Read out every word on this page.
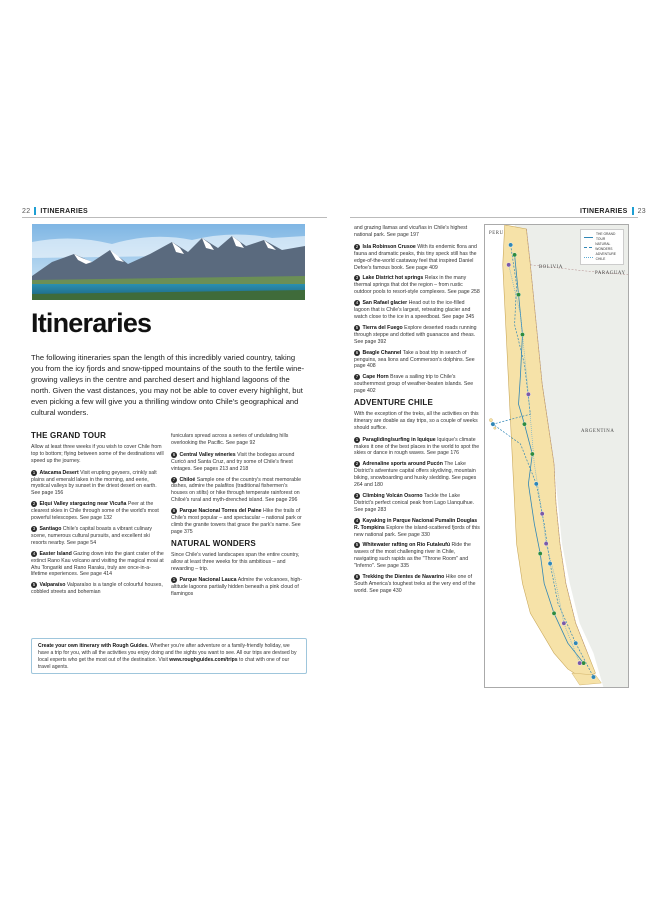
22 ITINERARIES
Itineraries
The following itineraries span the length of this incredibly varied country, taking you from the icy fjords and snow-tipped mountains of the south to the fertile wine-growing valleys in the centre and parched desert and highland lagoons of the north. Given the vast distances, you may not be able to cover every highlight, but even picking a few will give you a thrilling window onto Chile's geographical and cultural wonders.
THE GRAND TOUR
Allow at least three weeks if you wish to cover Chile from top to bottom; flying between some of the destinations will speed up the journey.
1 Atacama Desert Visit erupting geysers, crinkly salt plains and emerald lakes in the morning, and eerie, mystical valleys by sunset in the driest desert on earth. See page 156
2 Elqui Valley stargazing near Vicuña Peer at the clearest skies in Chile through some of the world's most powerful telescopes. See page 132
3 Santiago Chile's capital boasts a vibrant culinary scene, numerous cultural pursuits, and excellent ski resorts nearby. See page 54
4 Easter Island Gazing down into the giant crater of the extinct Rano Kau volcano and visiting the magical moai at Ahu Tongariki and Rano Raraku, truly are once-in-a-lifetime experiences. See page 414
5 Valparaíso Valparaíso is a tangle of colourful houses, cobbled streets and bohemian
funiculars spread across a series of undulating hills overlooking the Pacific. See page 92
6 Central Valley wineries Visit the bodegas around Curicó and Santa Cruz, and try some of Chile's finest vintages. See pages 213 and 218
7 Chiloé Sample one of the country's most memorable dishes, admire the palafitos (traditional fishermen's houses on stilts) or hike through temperate rainforest on Chiloé's rural and myth-drenched island. See page 296
8 Parque Nacional Torres del Paine Hike the trails of Chile's most popular – and spectacular – national park or climb the granite towers that grace the park's name. See page 375
NATURAL WONDERS
Since Chile's varied landscapes span the entire country, allow at least three weeks for this ambitious – and rewarding – trip.
1 Parque Nacional Lauca Admire the volcanoes, high-altitude lagoons partially hidden beneath a pink cloud of flamingos
Create your own itinerary with Rough Guides. Whether you're after adventure or a family-friendly holiday, we have a trip for you, with all the activities you enjoy doing and the sights you want to see. All our trips are devised by local experts who get the most out of the destination. Visit www.roughguides.com/trips to chat with one of our travel agents.
ITINERARIES 23
and grazing llamas and vicuñas in Chile's highest national park. See page 197
2 Isla Robinson Crusoe With its endemic flora and fauna and dramatic peaks, this tiny speck still has the edge-of-the-world castaway feel that inspired Daniel Defoe's famous book. See page 409
3 Lake District hot springs Relax in the many thermal springs that dot the region – from rustic outdoor pools to resort-style complexes. See page 258
4 San Rafael glacier Head out to the ice-filled lagoon that is Chile's largest, retreating glacier and watch close to the ice in a speedboat. See page 345
5 Tierra del Fuego Explore deserted roads running through steppe and dotted with guanacos and rheas. See page 392
6 Beagle Channel Take a boat trip in search of penguins, sea lions and Commerson's dolphins. See page 408
7 Cape Horn Brave a sailing trip to Chile's southernmost group of weather-beaten islands. See page 402
ADVENTURE CHILE
With the exception of the treks, all the activities on this itinerary are doable as day trips, so a couple of weeks should suffice.
1 Paragliding/surfing in Iquique Iquique's climate makes it one of the best places in the world to spot the skies or dance in rough waves. See page 176
2 Adrenaline sports around Pucón The Lake District's adventure capital offers skydiving, mountain biking, snowboarding and husky sledding. See pages 264 and 180
3 Climbing Volcán Osorno Tackle the Lake District's perfect conical peak from Lago Llanquihue. See page 283
4 Kayaking in Parque Nacional Pumalín Douglas R. Tompkins Explore the island-scattered fjords of this new national park. See page 330
5 Whitewater rafting on Río Futaleufú Ride the waves of the most challenging river in Chile, navigating such rapids as the "Throne Room" and "Inferno". See page 335
6 Trekking the Dientes de Navarino Hike one of South America's toughest treks at the very end of the world. See page 430
PERU
BOLIVIA
PARAGUAY
ARGENTINA
THE GRAND TOUR
NATURAL WONDERS
ADVENTURE CHILE
